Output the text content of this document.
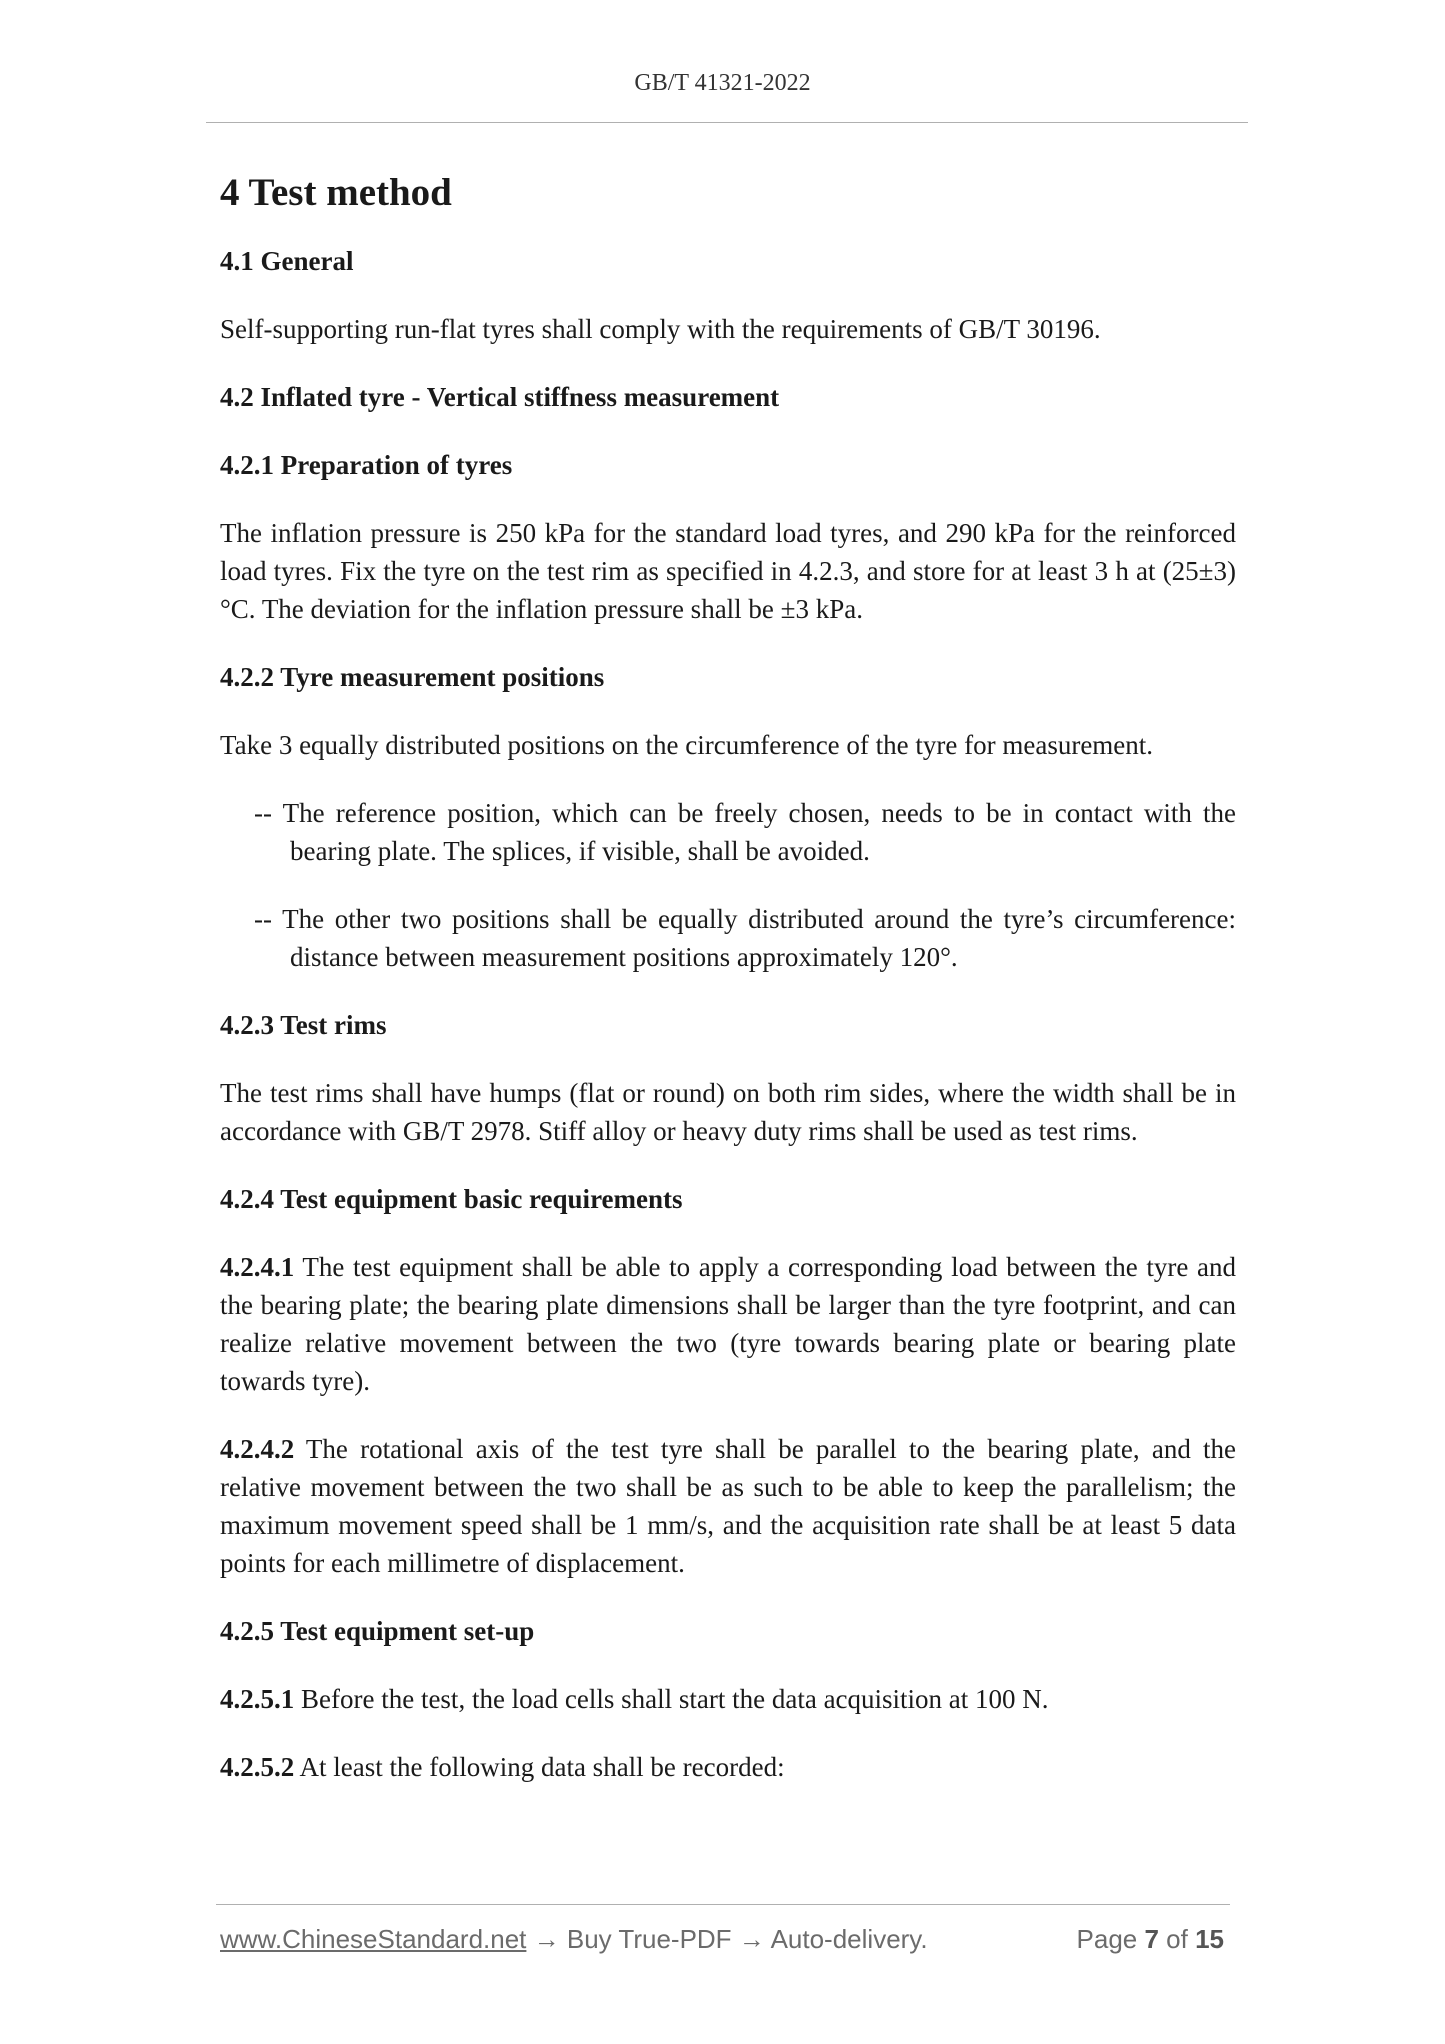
GB/T 41321-2022
4 Test method
4.1 General
Self-supporting run-flat tyres shall comply with the requirements of GB/T 30196.
4.2 Inflated tyre - Vertical stiffness measurement
4.2.1 Preparation of tyres
The inflation pressure is 250 kPa for the standard load tyres, and 290 kPa for the reinforced load tyres. Fix the tyre on the test rim as specified in 4.2.3, and store for at least 3 h at (25±3) °C. The deviation for the inflation pressure shall be ±3 kPa.
4.2.2 Tyre measurement positions
Take 3 equally distributed positions on the circumference of the tyre for measurement.
-- The reference position, which can be freely chosen, needs to be in contact with the bearing plate. The splices, if visible, shall be avoided.
-- The other two positions shall be equally distributed around the tyre’s circumference: distance between measurement positions approximately 120°.
4.2.3 Test rims
The test rims shall have humps (flat or round) on both rim sides, where the width shall be in accordance with GB/T 2978. Stiff alloy or heavy duty rims shall be used as test rims.
4.2.4 Test equipment basic requirements
4.2.4.1 The test equipment shall be able to apply a corresponding load between the tyre and the bearing plate; the bearing plate dimensions shall be larger than the tyre footprint, and can realize relative movement between the two (tyre towards bearing plate or bearing plate towards tyre).
4.2.4.2 The rotational axis of the test tyre shall be parallel to the bearing plate, and the relative movement between the two shall be as such to be able to keep the parallelism; the maximum movement speed shall be 1 mm/s, and the acquisition rate shall be at least 5 data points for each millimetre of displacement.
4.2.5 Test equipment set-up
4.2.5.1 Before the test, the load cells shall start the data acquisition at 100 N.
4.2.5.2 At least the following data shall be recorded:
www.ChineseStandard.net → Buy True-PDF → Auto-delivery.	Page 7 of 15
